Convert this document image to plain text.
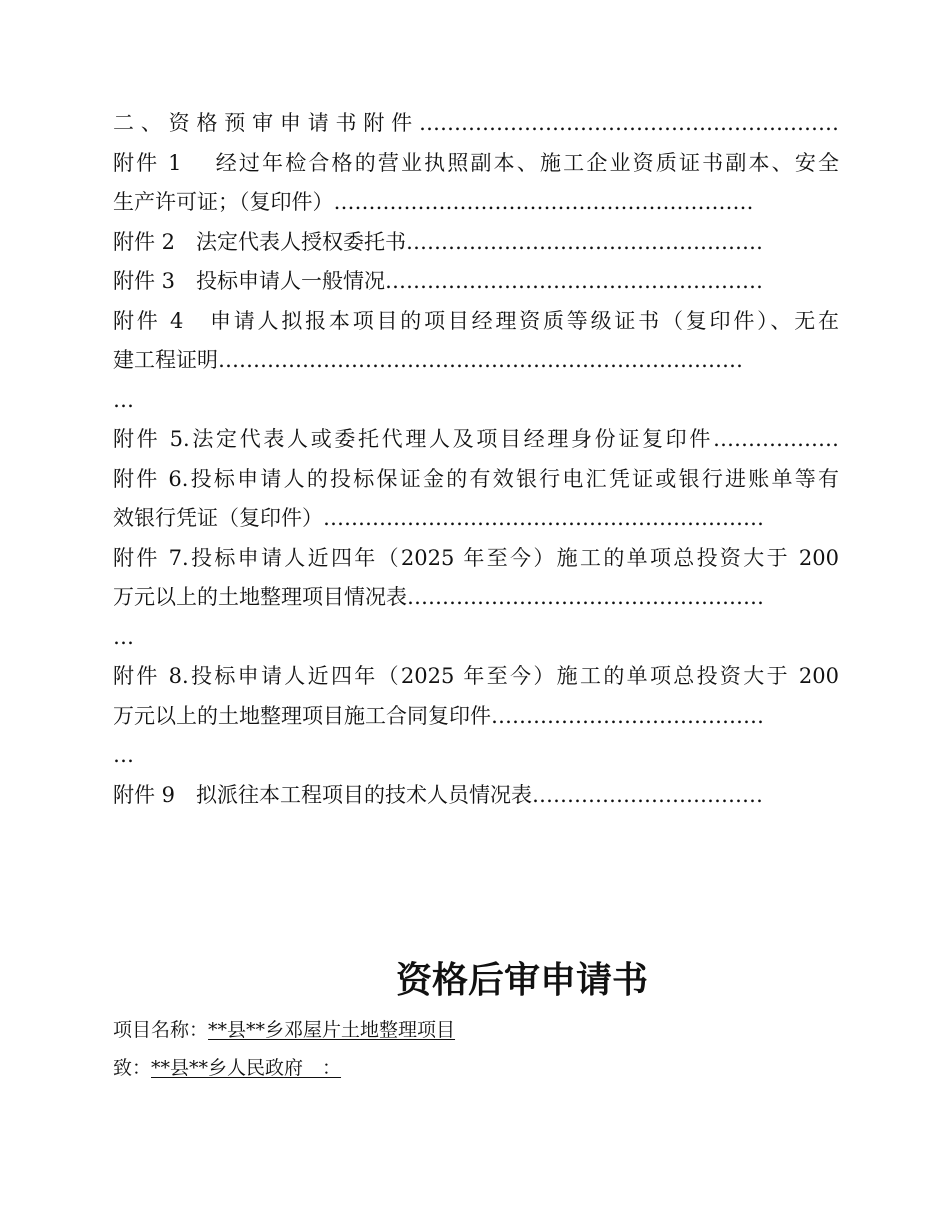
二、资格预审申请书附件……………………………………………………
附件 1　 经过年检合格的营业执照副本、施工企业资质证书副本、安全
生产许可证；（复印件）……………………………………………………
附件 2　法定代表人授权委托书……………………………………………
附件 3　投标申请人一般情况………………………………………………
附件 4　申请人拟报本项目的项目经理资质等级证书（复印件）、无在
建工程证明…………………………………………………………………
…
附件 5.法定代表人或委托代理人及项目经理身份证复印件………………
附件 6.投标申请人的投标保证金的有效银行电汇凭证或银行进账单等有
效银行凭证（复印件）………………………………………………………
附件 7.投标申请人近四年（2025 年至今）施工的单项总投资大于 200
万元以上的土地整理项目情况表……………………………………………
…
附件 8.投标申请人近四年（2025 年至今）施工的单项总投资大于 200
万元以上的土地整理项目施工合同复印件…………………………………
…
附件 9　拟派往本工程项目的技术人员情况表……………………………
资格后审申请书
项目名称：**县**乡邓屋片土地整理项目
致：**县**乡人民政府　：
